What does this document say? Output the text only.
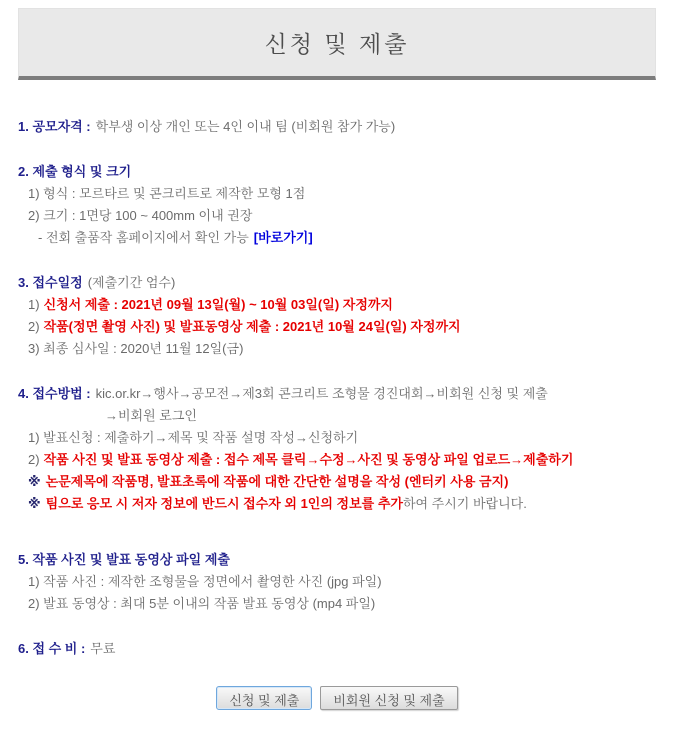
신청 및 제출
1. 공모자격 : 학부생 이상 개인 또는 4인 이내 팀 (비회원 참가 가능)
2. 제출 형식 및 크기
1) 형식 : 모르타르 및 콘크리트로 제작한 모형 1점
2) 크기 : 1면당 100 ~ 400mm 이내 권장
- 전회 출품작 홈페이지에서 확인 가능 [바로가기]
3. 접수일정 (제출기간 엄수)
1) 신청서 제출 : 2021년 09월 13일(월) ~ 10월 03일(일) 자정까지
2) 작품(정면 촬영 사진) 및 발표동영상 제출 : 2021년 10월 24일(일) 자정까지
3) 최종 심사일 : 2020년 11월 12일(금)
4. 접수방법 : kic.or.kr→행사→공모전→제3회 콘크리트 조형물 경진대회→비회원 신청 및 제출
→비회원 로그인
1) 발표신청 : 제출하기→제목 및 작품 설명 작성→신청하기
2) 작품 사진 및 발표 동영상 제출 : 접수 제목 클릭→수정→사진 및 동영상 파일 업로드→제출하기
※ 논문제목에 작품명, 발표초록에 작품에 대한 간단한 설명을 작성 (엔터키 사용 금지)
※ 팀으로 응모 시 저자 정보에 반드시 접수자 외 1인의 정보를 추가하여 주시기 바랍니다.
5. 작품 사진 및 발표 동영상 파일 제출
1) 작품 사진 : 제작한 조형물을 정면에서 촬영한 사진 (jpg 파일)
2) 발표 동영상 : 최대 5분 이내의 작품 발표 동영상 (mp4 파일)
6. 접 수 비 : 무료
신청 및 제출	비회원 신청 및 제출
